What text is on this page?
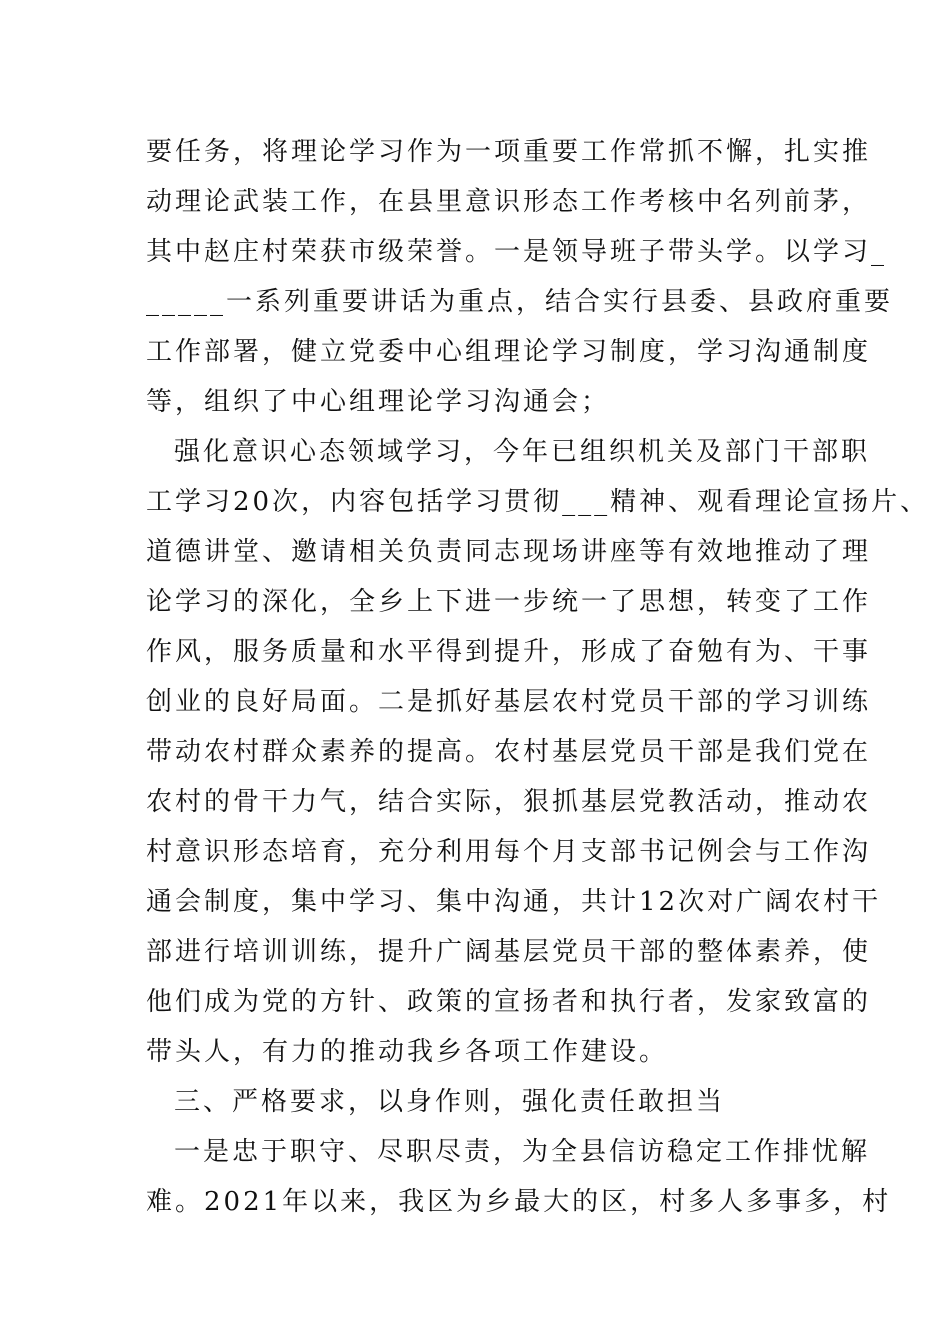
要任务，将理论学习作为一项重要工作常抓不懈，扎实推
动理论武装工作，在县里意识形态工作考核中名列前茅，
其中赵庄村荣获市级荣誉。一是领导班子带头学。以学习_
_____一系列重要讲话为重点，结合实行县委、县政府重要
工作部署，健立党委中心组理论学习制度，学习沟通制度
等，组织了中心组理论学习沟通会；
强化意识心态领域学习，今年已组织机关及部门干部职
工学习20次，内容包括学习贯彻___精神、观看理论宣扬片、
道德讲堂、邀请相关负责同志现场讲座等有效地推动了理
论学习的深化，全乡上下进一步统一了思想，转变了工作
作风，服务质量和水平得到提升，形成了奋勉有为、干事
创业的良好局面。二是抓好基层农村党员干部的学习训练
带动农村群众素养的提高。农村基层党员干部是我们党在
农村的骨干力气，结合实际，狠抓基层党教活动，推动农
村意识形态培育，充分利用每个月支部书记例会与工作沟
通会制度，集中学习、集中沟通，共计12次对广阔农村干
部进行培训训练，提升广阔基层党员干部的整体素养，使
他们成为党的方针、政策的宣扬者和执行者，发家致富的
带头人，有力的推动我乡各项工作建设。
三、严格要求，以身作则，强化责任敢担当
一是忠于职守、尽职尽责，为全县信访稳定工作排忧解
难。2021年以来，我区为乡最大的区，村多人多事多，村
